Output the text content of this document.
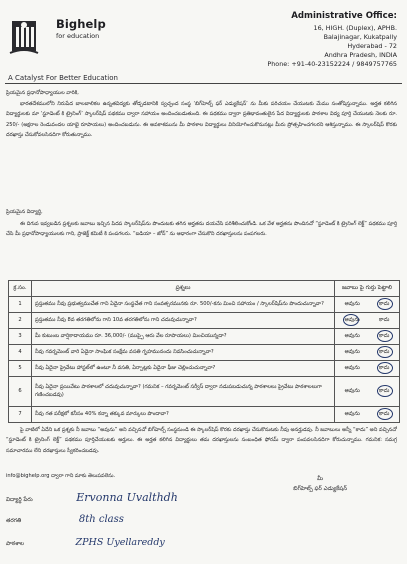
Bighelp
for education
A Catalyst For Better Education
Administrative Office:
16, HIGH. (Duplex), APHB.
Balajinagar, Kukatpally
Hyderabad - 72
Andhra Pradesh, INDIA
Phone: +91-40-23152224 / 9849757765
ప్రియమైన ప్రధానోపాధ్యాయుల వారికి,
భారతదేశములోని నిరుపేద బాలబాలికల ఉన్నతవిద్యకు తోడ్పడటానికి స్వచ్ఛంద సంస్థ ‘బిగ్‌హెల్ప్ ఫర్ ఎడ్యుకేషన్’ ను మీకు పరిచయం చేయుటకు మేము సంతోషిస్తున్నాము. అర్హత కలిగిన విద్యార్థులకు మా ‘స్టూడెంట్ కి ట్రైనింగ్’ స్కాలర్‌షిప్ పథకము ద్వారా సహాయం అందించబడుతుంది. ఈ పథకము ద్వారా ప్రతిభావంతులైన పేద విద్యార్థులకు పాఠశాల విద్య పూర్తి చేయుటకు నెలకు రూ. 250/- (అక్షరాల రెండువందల యాభై రూపాయలు) అందించబడును. ఈ అవకాశమును మీ పాఠశాల విద్యార్థులు వినియోగించుకొనునట్లు మీరు ప్రోత్సహించగలరని ఆశిస్తున్నాము. ఈ స్కాలర్‌షిప్ కొరకు దరఖాస్తు చేసుకోవలసినదిగా కోరుతున్నాము.
ప్రియమైన విద్యార్థి,
ఈ దిగువ ఇవ్వబడిన ప్రశ్నలకు జవాబు ఇచ్చిన పిదప స్కాలర్‌షిప్‌ను పొందుటకు తగిన అర్హతను దయచేసి పరిశీలించుకోండి. ఒక వేళ అర్హతను పొందినచో “స్టూడెంట్ కి ట్రైనింగ్ లెక్ట్” పథకము పూర్తి చేసి మీ ప్రధానోపాధ్యాయులకు గాని, ప్రాజెక్ట్ కమిటీ కి పంపగలరు. “ఐడియా – జోన్” ను ఆధారంగా చేసుకొని దరఖాస్తులను పంపగలరు.
క్ర.సం.	ప్రశ్నలు	జవాబు పై గుర్తు పెట్టాలి
1	ప్రస్తుతము నీవు ప్రభుత్వముచేత గాని ఏదైనా సంస్థచేత గాని సంవత్సరమునకు రూ. 500/-కను మించి సహాయం / స్కాలర్‌షిప్‌ను పొందుచున్నావా?	అవును కాదు

2	ప్రస్తుతము నీవు 8వ తరగతిలోను గాని 10వ తరగతిలోను గాని చదువుచున్నావా?	అవును కాదు

3	మీ కుటుంబ వార్షికాదాయము రూ. 36,000/- (ముప్పై ఆరు వేల రూపాయలు) మించియున్నదా?	అవును కాదు

4	నీవు గవర్నమెంట్ వారి ఏదైనా సాంఘిక సంక్షేమ వసతి గృహమునందు నివసించుచున్నావా?	అవును కాదు

5	నీవు ఏదైనా ప్రైవేటు హాస్టల్‌లో ఉంటూ నీ వసతి, ఏర్పాట్లకు ఏదైనా ఫీజు చెల్లించుచున్నావా?	అవును కాదు

6	నీవు ఏదైనా ప్రయివేటు పాఠశాలలో చదువుచున్నావా? (గమనిక – గవర్నమెంట్ సర్వీస్ ద్వారా నడుపబడుచున్న పాఠశాలలు ప్రైవేటు పాఠశాలలుగా గణించబడవు)	అవును కాదు

7	నీవు గత పరీక్షలో కనీసం 40% కన్నా తక్కువ మార్కులు పొందావా?	అవును కాదు
పై వాటిలో ఏదేని ఒక ప్రశ్నకు నీ జవాబు “అవును” అని వచ్చినచో బిగ్‌హెల్ప్ సంస్థనుండి ఈ స్కాలర్‌షిప్ కొరకు దరఖాస్తు చేసుకొనుటకు నీవు అనర్హుడవు. నీ జవాబులు అన్నీ “కాదు” అని వచ్చినచో “స్టూడెంట్ కి ట్రైనింగ్ లెక్ట్” పథకము పూర్తిచేయుటకు అర్హులు. ఈ అర్హత కలిగిన విద్యార్థులు తమ దరఖాస్తులను సంబంధిత ఫోరమ్ ద్వారా పంపవలసినదిగా కోరుచున్నాము. గమనిక: సమగ్ర సమాచారము లేని దరఖాస్తులు స్వీకరించబడవు.
info@bighelp.org ద్వారా గాని మాకు తెలుపవలెను.	మీ
బిగ్‌హెల్ప్ ఫర్ ఎడ్యుకేషన్
విద్యార్థి పేరు	Ervonna Uvalthdh
తరగతి	8th class
పాఠశాల	ZPHS Uyellareddy
